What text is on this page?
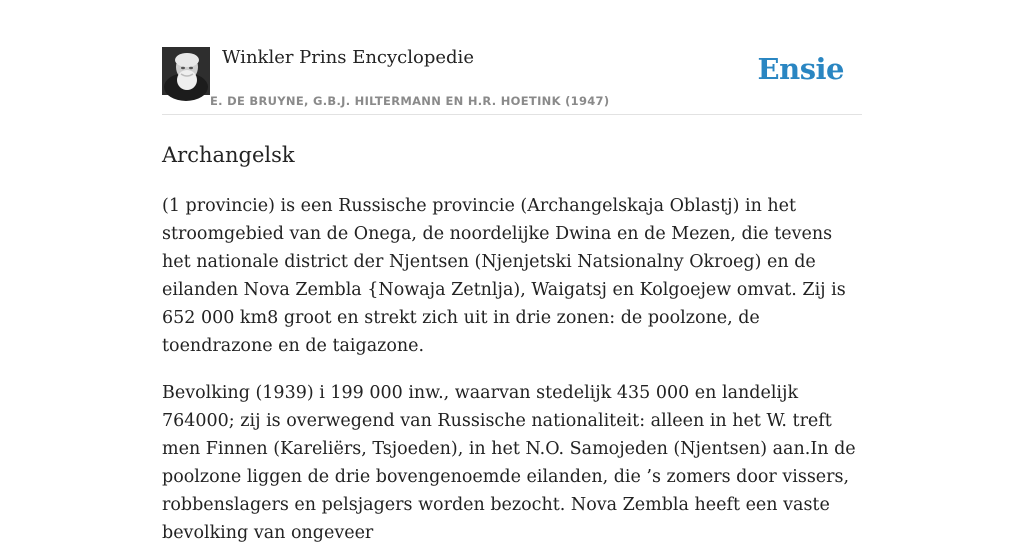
Winkler Prins Encyclopedie
E. DE BRUYNE, G.B.J. HILTERMANN EN H.R. HOETINK (1947)
Ensie
Archangelsk

(1 provincie) is een Russische provincie (Archangelskaja Oblastj) in het stroomgebied van de Onega, de noordelijke Dwina en de Mezen, die tevens het nationale district der Njentsen (Njenjetski Natsionalny Okroeg) en de eilanden Nova Zembla {Nowaja Zetnlja), Waigatsj en Kolgoejew omvat. Zij is 652 000 km8 groot en strekt zich uit in drie zonen: de poolzone, de toendrazone en de taigazone.

Bevolking (1939) i 199 000 inw., waarvan stedelijk 435 000 en landelijk 764000; zij is overwegend van Russische nationaliteit: alleen in het W. treft men Finnen (Kareliërs, Tsjoeden), in het N.O. Samojeden (Njentsen) aan.In de poolzone liggen de drie bovengenoemde eilanden, die ’s zomers door vissers, robbenslagers en pelsjagers worden bezocht. Nova Zembla heeft een vaste bevolking van ongeveer
